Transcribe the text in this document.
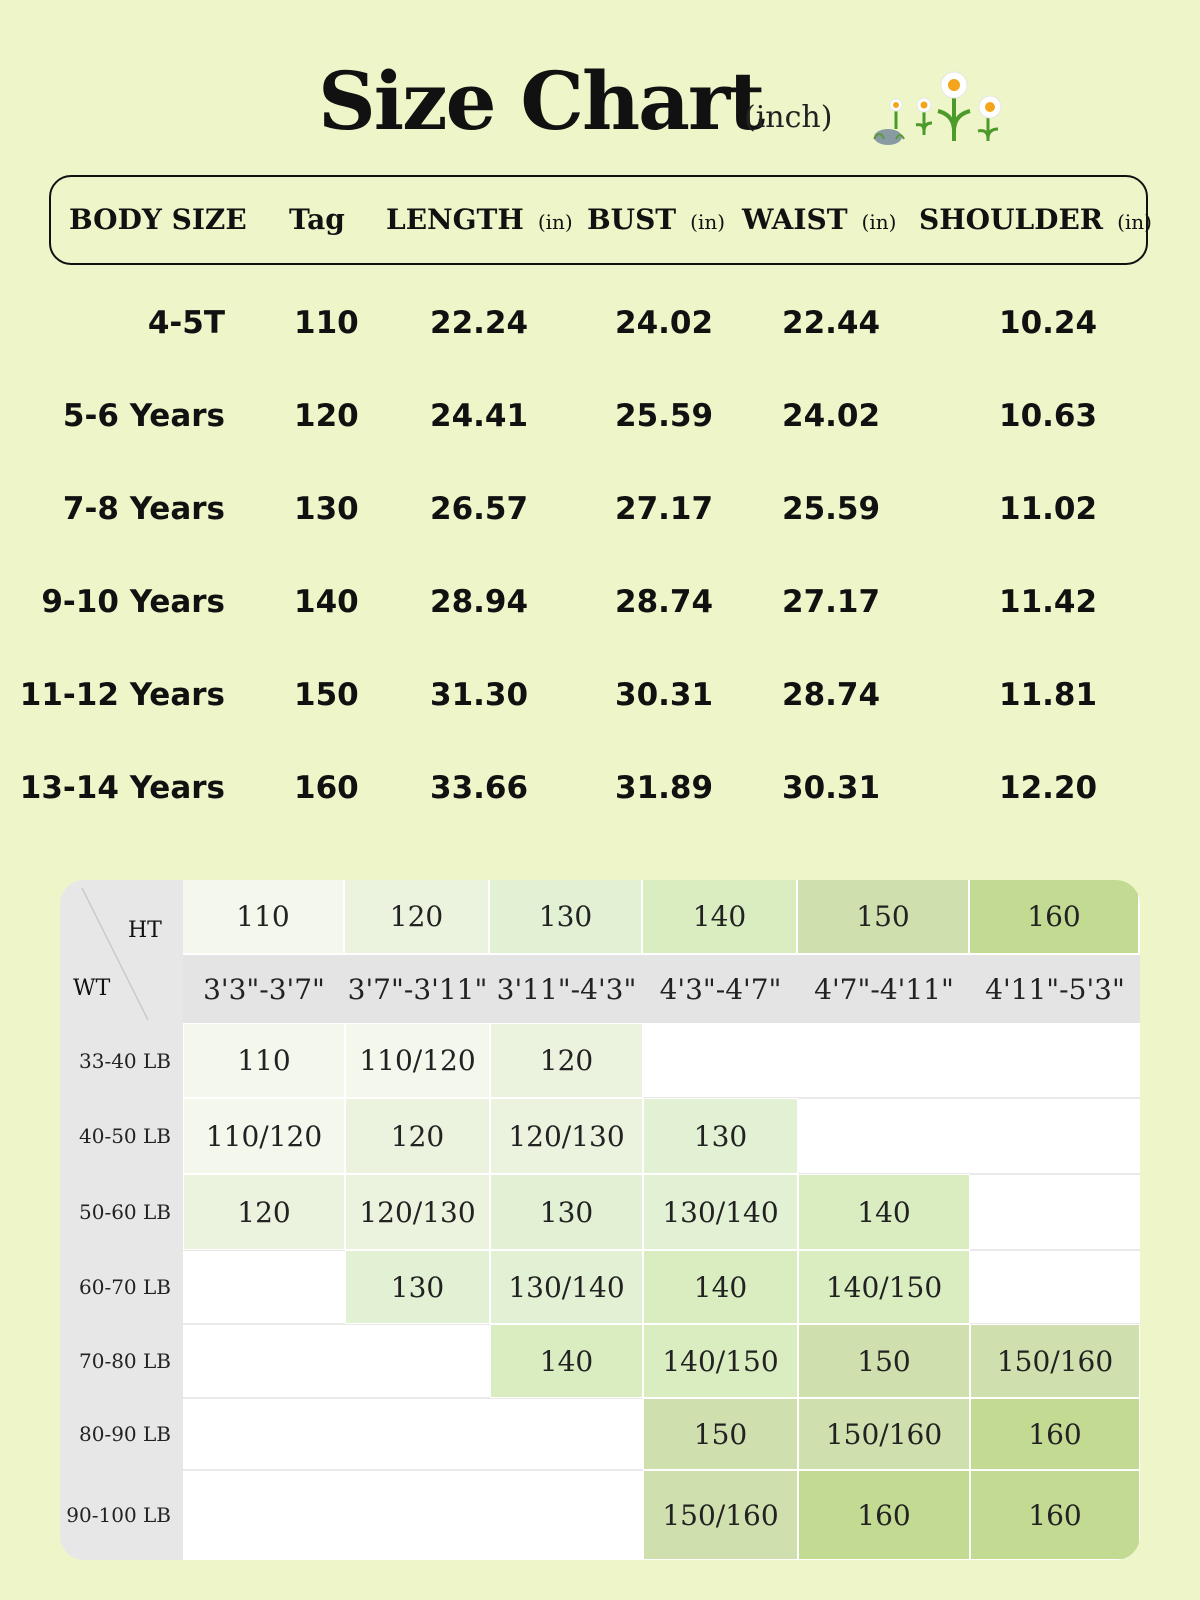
Size Chart
(inch)
BODY SIZE Tag LENGTH (in) BUST (in) WAIST (in) SHOULDER (in)
4-5T 110 22.24	24.02 22.44	10.24
5-6 Years 120 24.41	25.59 24.02	10.63
7-8 Years 130 26.57	27.17 25.59	11.02
9-10 Years 140 28.94	28.74 27.17	11.42
11-12 Years 150 31.30	30.31 28.74	11.81
13-14 Years 160 33.66	31.89 30.31	12.20
HT
WT
110	120	130	140	150	160
3'3"-3'7" 3'7"-3'11" 3'11"-4'3" 4'3"-4'7"	4'7"-4'11"	4'11"-5'3"
33-40 LB	110	110/120	120
40-50 LB	110/120	120	120/130	130
50-60 LB	120	120/130	130	130/140	140
60-70 LB	130	130/140	140	140/150
70-80 LB	140	140/150	150	150/160
80-90 LB	150	150/160	160
90-100 LB	150/160	160	160
